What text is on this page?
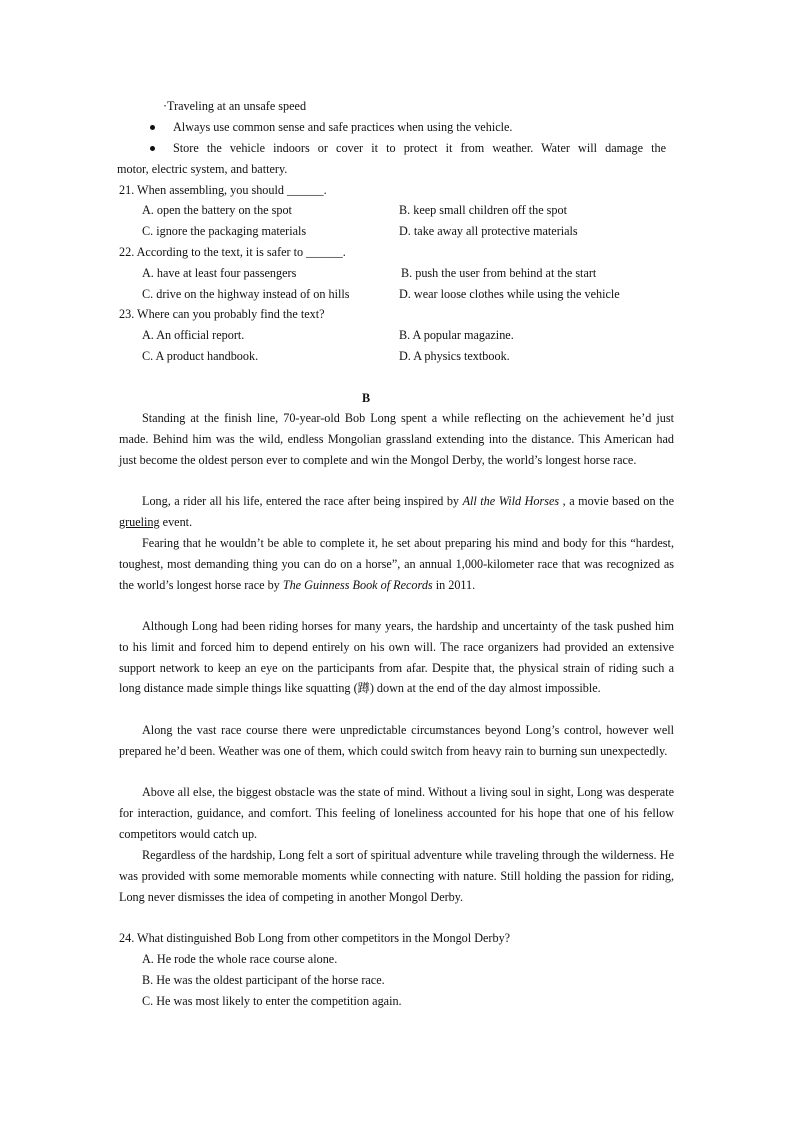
·Traveling at an unsafe speed
Always use common sense and safe practices when using the vehicle.
Store the vehicle indoors or cover it to protect it from weather. Water will damage the
motor, electric system, and battery.
21. When assembling, you should ______.
A. open the battery on the spot	B. keep small children off the spot
C. ignore the packaging materials	D. take away all protective materials
22. According to the text, it is safer to ______.
A. have at least four passengers	B. push the user from behind at the start
C. drive on the highway instead of on hills	D. wear loose clothes while using the vehicle
23. Where can you probably find the text?
A. An official report.	B. A popular magazine.
C. A product handbook.	D. A physics textbook.
B
Standing at the finish line, 70-year-old Bob Long spent a while reflecting on the achievement he’d just made. Behind him was the wild, endless Mongolian grassland extending into the distance. This American had just become the oldest person ever to complete and win the Mongol Derby, the world’s longest horse race.
Long, a rider all his life, entered the race after being inspired by All the Wild Horses , a movie based on the grueling event.
Fearing that he wouldn’t be able to complete it, he set about preparing his mind and body for this “hardest, toughest, most demanding thing you can do on a horse”, an annual 1,000-kilometer race that was recognized as the world’s longest horse race by The Guinness Book of Records in 2011.
Although Long had been riding horses for many years, the hardship and uncertainty of the task pushed him to his limit and forced him to depend entirely on his own will. The race organizers had provided an extensive support network to keep an eye on the participants from afar. Despite that, the physical strain of riding such a long distance made simple things like squatting (蹲) down at the end of the day almost impossible.
Along the vast race course there were unpredictable circumstances beyond Long’s control, however well prepared he’d been. Weather was one of them, which could switch from heavy rain to burning sun unexpectedly.
Above all else, the biggest obstacle was the state of mind. Without a living soul in sight, Long was desperate for interaction, guidance, and comfort. This feeling of loneliness accounted for his hope that one of his fellow competitors would catch up.
Regardless of the hardship, Long felt a sort of spiritual adventure while traveling through the wilderness. He was provided with some memorable moments while connecting with nature. Still holding the passion for riding, Long never dismisses the idea of competing in another Mongol Derby.
24. What distinguished Bob Long from other competitors in the Mongol Derby?
A. He rode the whole race course alone.
B. He was the oldest participant of the horse race.
C. He was most likely to enter the competition again.
